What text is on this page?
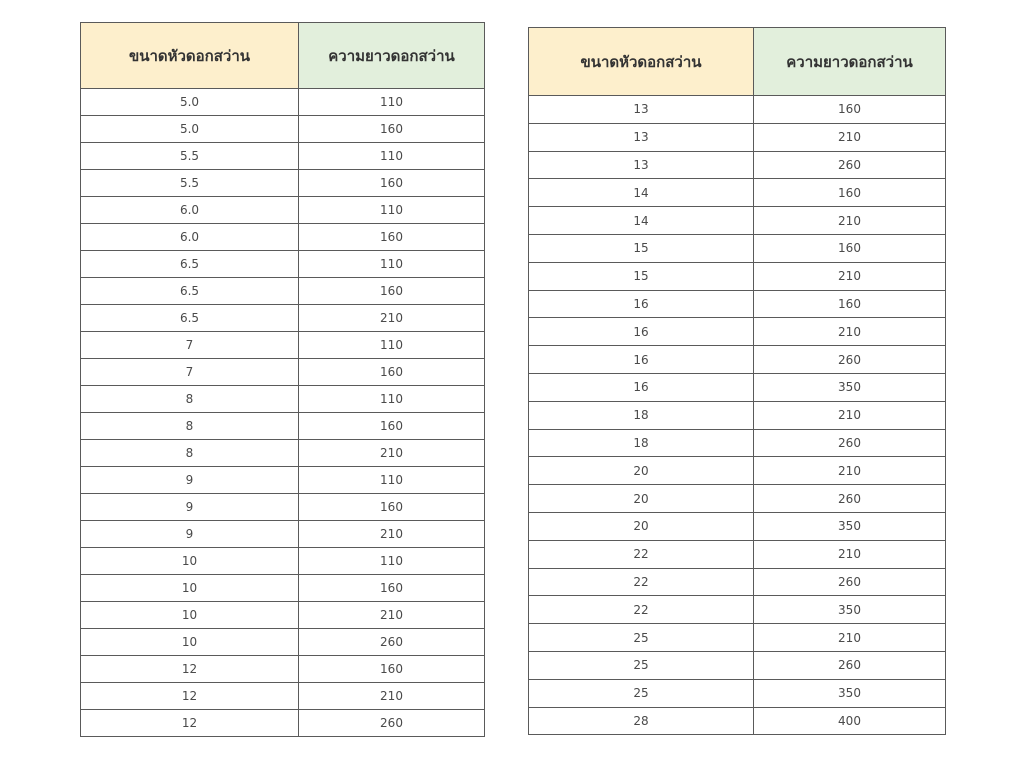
ขนาดหัวดอกสว่าน	ความยาวดอกสว่าน
5.0	110
5.0	160
5.5	110
5.5	160
6.0	110
6.0	160
6.5	110
6.5	160
6.5	210
7	110
7	160
8	110
8	160
8	210
9	110
9	160
9	210
10	110
10	160
10	210
10	260
12	160
12	210
12	260
ขนาดหัวดอกสว่าน	ความยาวดอกสว่าน
13	160
13	210
13	260
14	160
14	210
15	160
15	210
16	160
16	210
16	260
16	350
18	210
18	260
20	210
20	260
20	350
22	210
22	260
22	350
25	210
25	260
25	350
28	400
